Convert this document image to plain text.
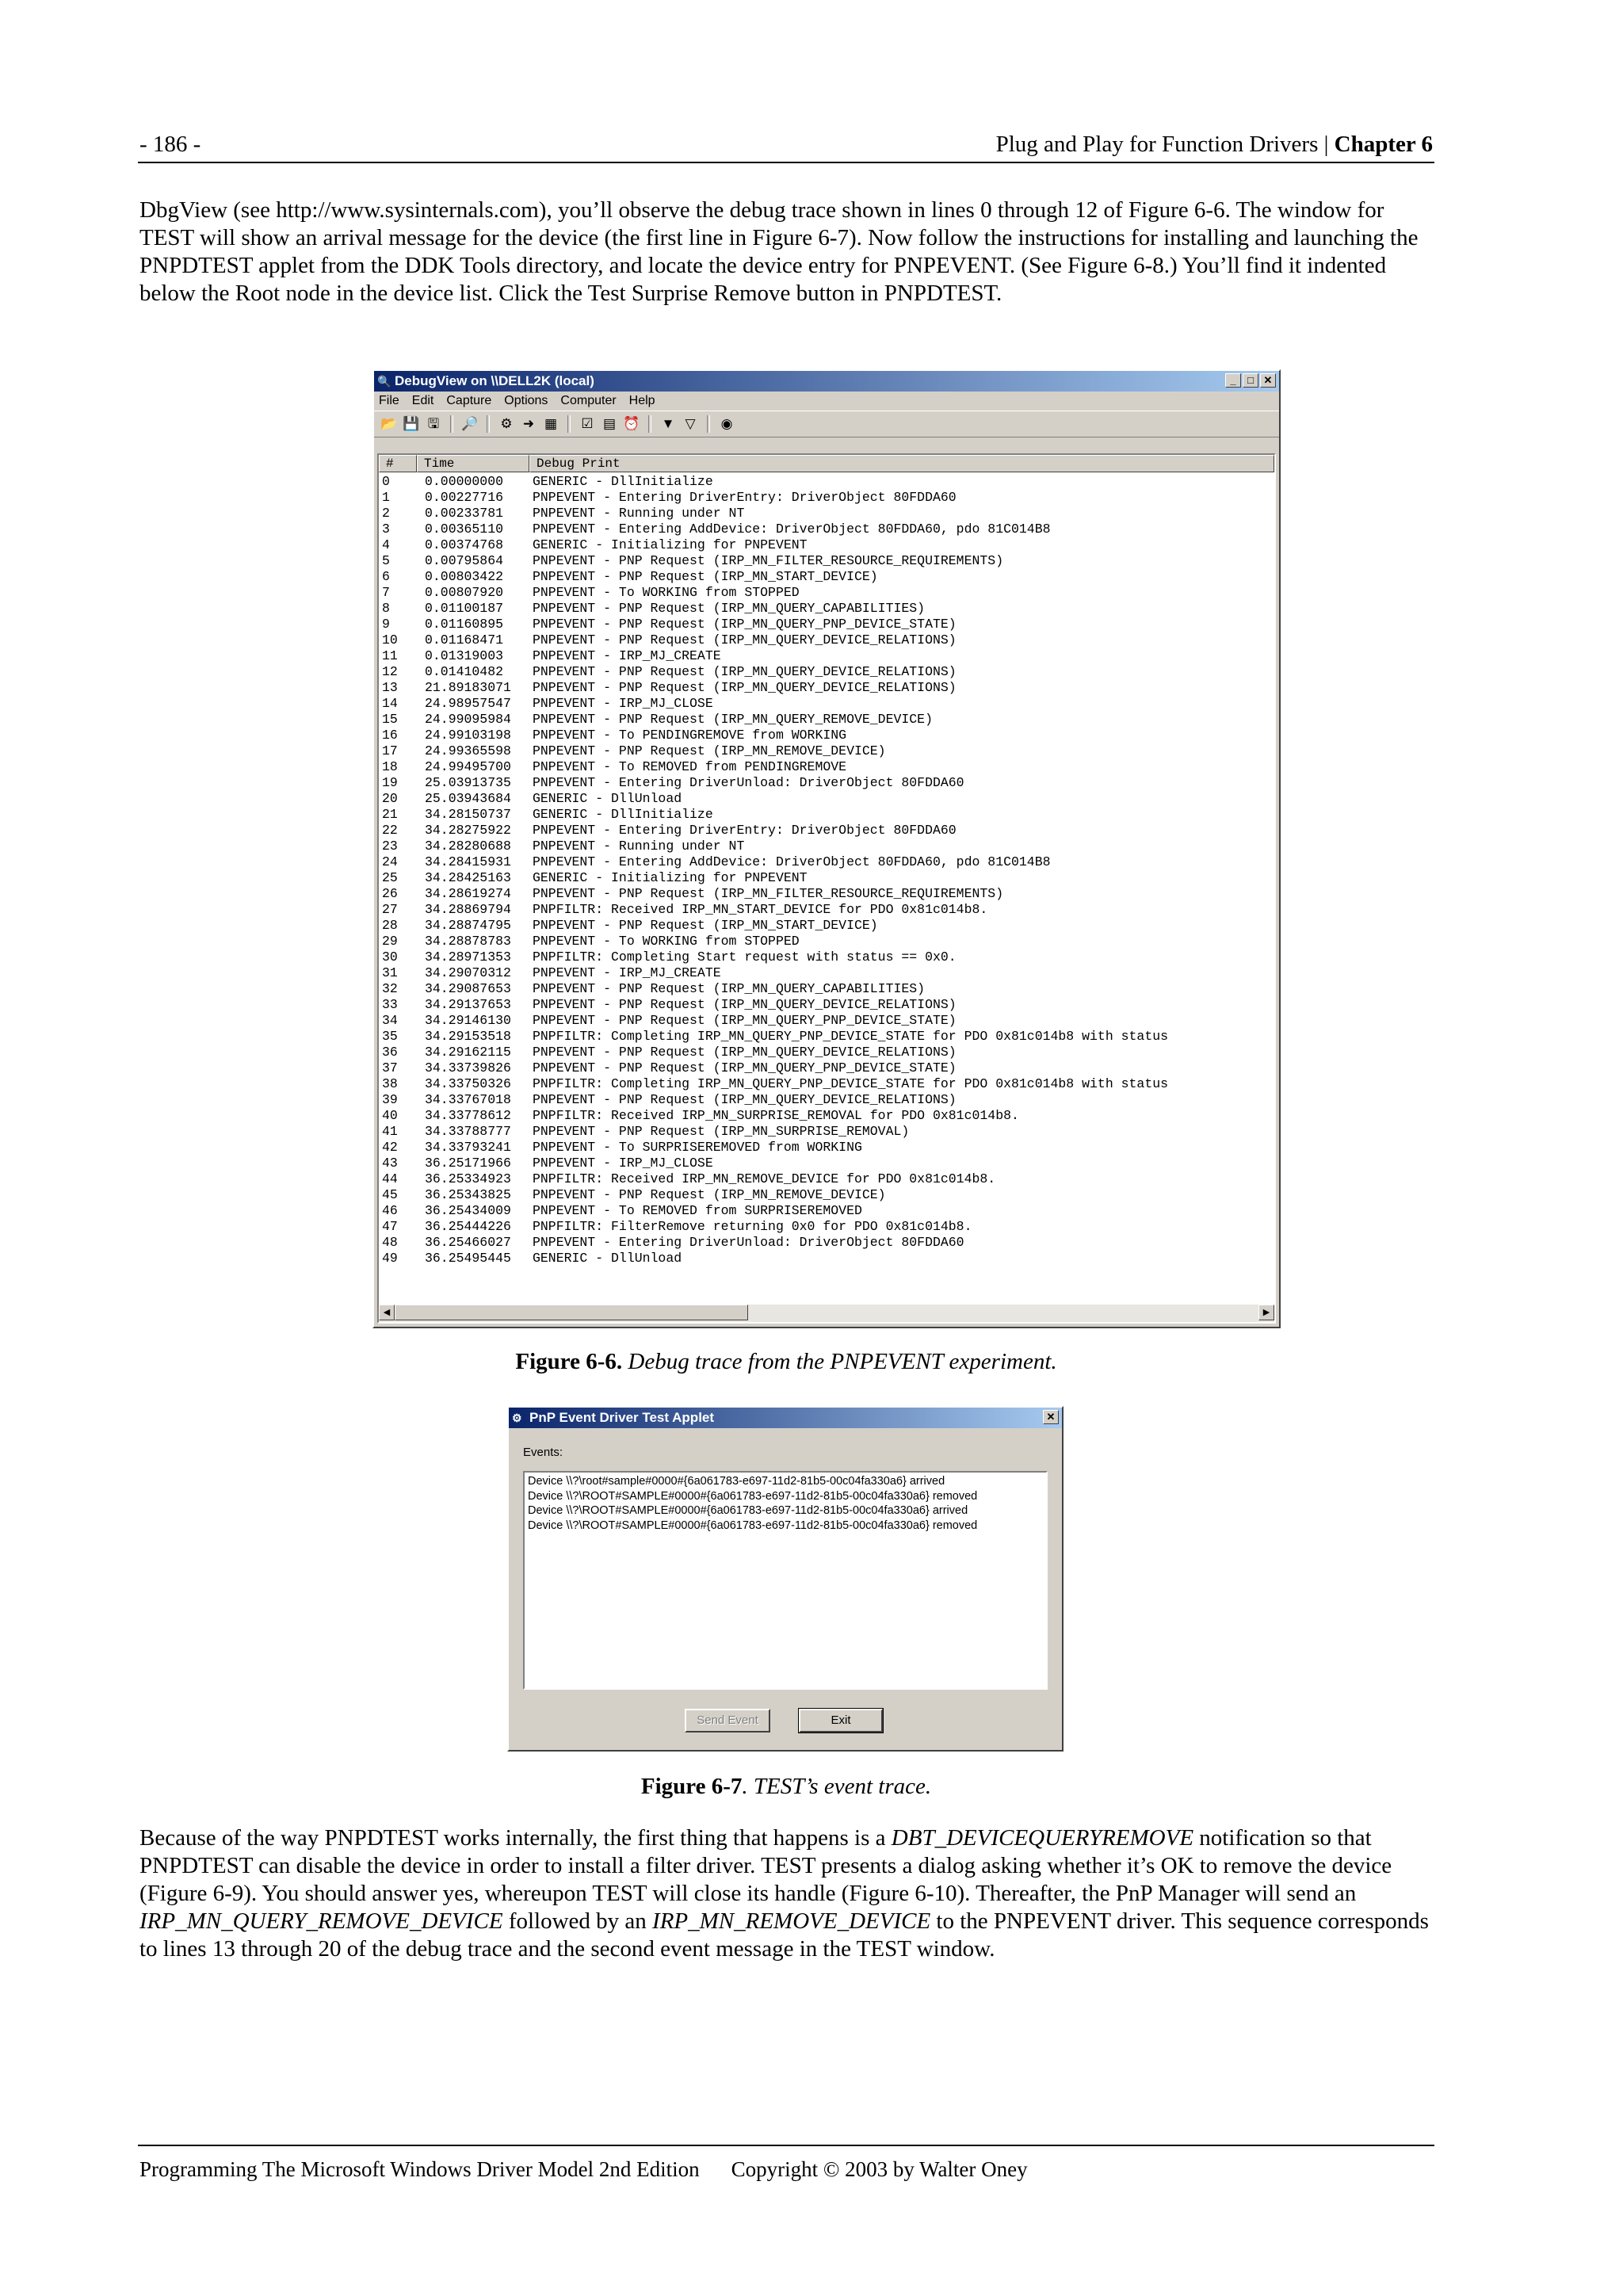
- 186 -	Plug and Play for Function Drivers | Chapter 6
DbgView (see http://www.sysinternals.com), you’ll observe the debug trace shown in lines 0 through 12 of Figure 6-6. The window for TEST will show an arrival message for the device (the first line in Figure 6-7). Now follow the instructions for installing and launching the PNPDTEST applet from the DDK Tools directory, and locate the device entry for PNPEVENT. (See Figure 6-8.) You’ll find it indented below the Root node in the device list. Click the Test Surprise Remove button in PNPDTEST.
🔍 DebugView on \\DELL2K (local)	_	□ ✕
File Edit Capture Options Computer Help
📂 💾 🖫 🔎 ⚙ ➜ ▦ ☑ ▤ ⏰ ▼ ▽ ◉
#	Time	Debug Print
0	0.00000000	GENERIC - DllInitialize
1	0.00227716	PNPEVENT - Entering DriverEntry: DriverObject 80FDDA60
2	0.00233781	PNPEVENT - Running under NT
3	0.00365110	PNPEVENT - Entering AddDevice: DriverObject 80FDDA60, pdo 81C014B8
4	0.00374768	GENERIC - Initializing for PNPEVENT
5	0.00795864	PNPEVENT - PNP Request (IRP_MN_FILTER_RESOURCE_REQUIREMENTS)
6	0.00803422	PNPEVENT - PNP Request (IRP_MN_START_DEVICE)
7	0.00807920	PNPEVENT - To WORKING from STOPPED
8	0.01100187	PNPEVENT - PNP Request (IRP_MN_QUERY_CAPABILITIES)
9	0.01160895	PNPEVENT - PNP Request (IRP_MN_QUERY_PNP_DEVICE_STATE)
10	0.01168471	PNPEVENT - PNP Request (IRP_MN_QUERY_DEVICE_RELATIONS)
11	0.01319003	PNPEVENT - IRP_MJ_CREATE
12	0.01410482	PNPEVENT - PNP Request (IRP_MN_QUERY_DEVICE_RELATIONS)
13	21.89183071	PNPEVENT - PNP Request (IRP_MN_QUERY_DEVICE_RELATIONS)
14	24.98957547	PNPEVENT - IRP_MJ_CLOSE
15	24.99095984	PNPEVENT - PNP Request (IRP_MN_QUERY_REMOVE_DEVICE)
16	24.99103198	PNPEVENT - To PENDINGREMOVE from WORKING
17	24.99365598	PNPEVENT - PNP Request (IRP_MN_REMOVE_DEVICE)
18	24.99495700	PNPEVENT - To REMOVED from PENDINGREMOVE
19	25.03913735	PNPEVENT - Entering DriverUnload: DriverObject 80FDDA60
20	25.03943684	GENERIC - DllUnload
21	34.28150737	GENERIC - DllInitialize
22	34.28275922	PNPEVENT - Entering DriverEntry: DriverObject 80FDDA60
23	34.28280688	PNPEVENT - Running under NT
24	34.28415931	PNPEVENT - Entering AddDevice: DriverObject 80FDDA60, pdo 81C014B8
25	34.28425163	GENERIC - Initializing for PNPEVENT
26	34.28619274	PNPEVENT - PNP Request (IRP_MN_FILTER_RESOURCE_REQUIREMENTS)
27	34.28869794	PNPFILTR: Received IRP_MN_START_DEVICE for PDO 0x81c014b8.
28	34.28874795	PNPEVENT - PNP Request (IRP_MN_START_DEVICE)
29	34.28878783	PNPEVENT - To WORKING from STOPPED
30	34.28971353	PNPFILTR: Completing Start request with status == 0x0.
31	34.29070312	PNPEVENT - IRP_MJ_CREATE
32	34.29087653	PNPEVENT - PNP Request (IRP_MN_QUERY_CAPABILITIES)
33	34.29137653	PNPEVENT - PNP Request (IRP_MN_QUERY_DEVICE_RELATIONS)
34	34.29146130	PNPEVENT - PNP Request (IRP_MN_QUERY_PNP_DEVICE_STATE)
35	34.29153518	PNPFILTR: Completing IRP_MN_QUERY_PNP_DEVICE_STATE for PDO 0x81c014b8 with status
36	34.29162115	PNPEVENT - PNP Request (IRP_MN_QUERY_DEVICE_RELATIONS)
37	34.33739826	PNPEVENT - PNP Request (IRP_MN_QUERY_PNP_DEVICE_STATE)
38	34.33750326	PNPFILTR: Completing IRP_MN_QUERY_PNP_DEVICE_STATE for PDO 0x81c014b8 with status
39	34.33767018	PNPEVENT - PNP Request (IRP_MN_QUERY_DEVICE_RELATIONS)
40	34.33778612	PNPFILTR: Received IRP_MN_SURPRISE_REMOVAL for PDO 0x81c014b8.
41	34.33788777	PNPEVENT - PNP Request (IRP_MN_SURPRISE_REMOVAL)
42	34.33793241	PNPEVENT - To SURPRISEREMOVED from WORKING
43	36.25171966	PNPEVENT - IRP_MJ_CLOSE
44	36.25334923	PNPFILTR: Received IRP_MN_REMOVE_DEVICE for PDO 0x81c014b8.
45	36.25343825	PNPEVENT - PNP Request (IRP_MN_REMOVE_DEVICE)
46	36.25434009	PNPEVENT - To REMOVED from SURPRISEREMOVED
47	36.25444226	PNPFILTR: FilterRemove returning 0x0 for PDO 0x81c014b8.
48	36.25466027	PNPEVENT - Entering DriverUnload: DriverObject 80FDDA60
49	36.25495445	GENERIC - DllUnload
◀	▶
Figure 6-6. Debug trace from the PNPEVENT experiment.
⚙ PnP Event Driver Test Applet	✕
Events:
Device \\?\root#sample#0000#{6a061783-e697-11d2-81b5-00c04fa330a6} arrived
Device \\?\ROOT#SAMPLE#0000#{6a061783-e697-11d2-81b5-00c04fa330a6} removed
Device \\?\ROOT#SAMPLE#0000#{6a061783-e697-11d2-81b5-00c04fa330a6} arrived
Device \\?\ROOT#SAMPLE#0000#{6a061783-e697-11d2-81b5-00c04fa330a6} removed
Send Event	Exit
Figure 6-7. TEST’s event trace.
Because of the way PNPDTEST works internally, the first thing that happens is a DBT_DEVICEQUERYREMOVE notification so that PNPDTEST can disable the device in order to install a filter driver. TEST presents a dialog asking whether it’s OK to remove the device (Figure 6-9). You should answer yes, whereupon TEST will close its handle (Figure 6-10). Thereafter, the PnP Manager will send an IRP_MN_QUERY_REMOVE_DEVICE followed by an IRP_MN_REMOVE_DEVICE to the PNPEVENT driver. This sequence corresponds to lines 13 through 20 of the debug trace and the second event message in the TEST window.
Programming The Microsoft Windows Driver Model 2nd Edition Copyright © 2003 by Walter Oney
